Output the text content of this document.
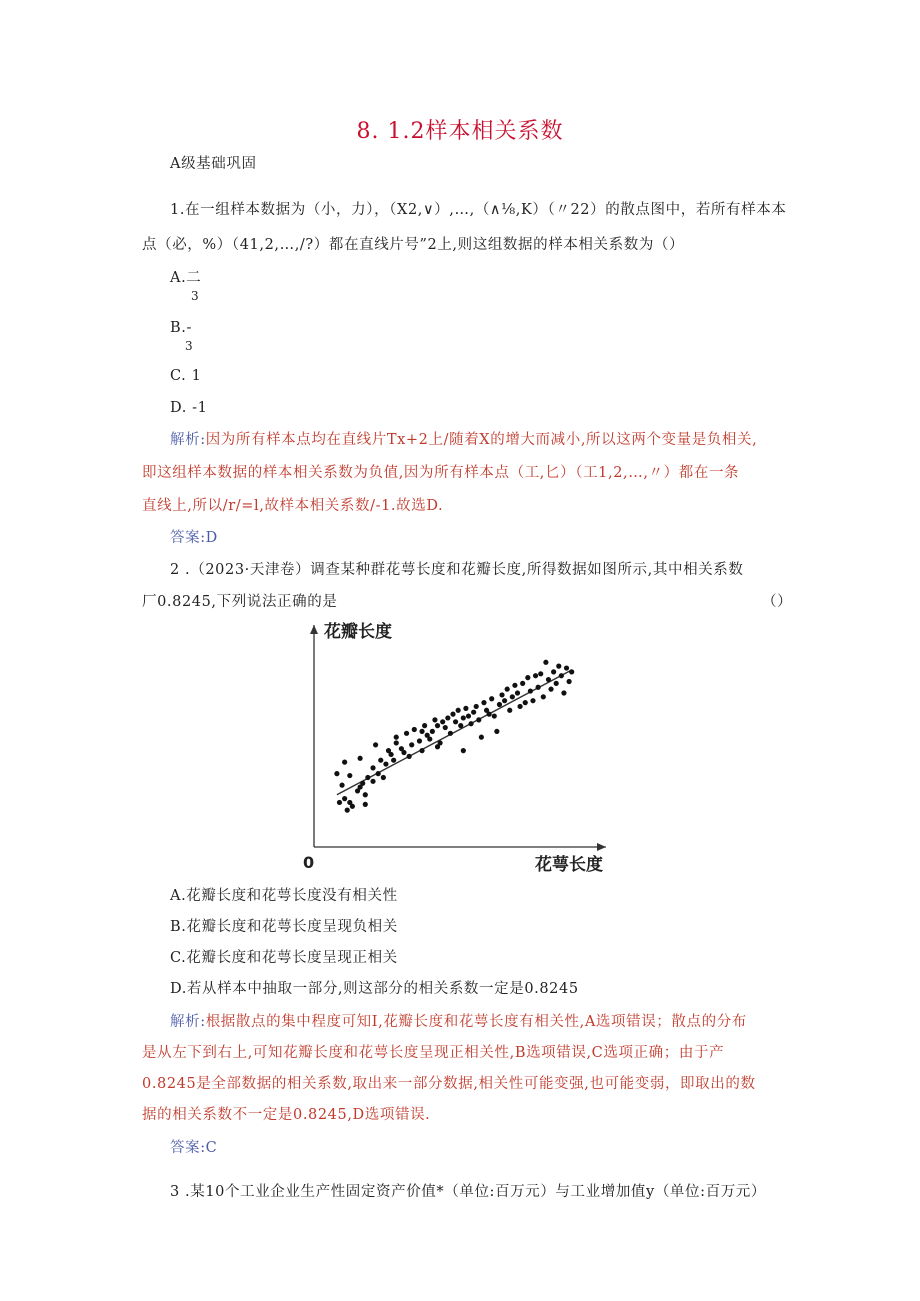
8. 1.2样本相关系数
A级基础巩固
1.在一组样本数据为（小，力），（X2,∨）,…,（∧⅛,K）（〃22）的散点图中，若所有样本本
点（必，%）（41,2,…,/?）都在直线片号”2上,则这组数据的样本相关系数为（）
A.二
3
B.-
3
C. 1
D. -1
解析:因为所有样本点均在直线片Tx+2上/随着X的增大而减小,所以这两个变量是负相关,
即这组样本数据的样本相关系数为负值,因为所有样本点（工,匕）（工1,2,…,〃）都在一条
直线上,所以/r/=l,故样本相关系数/-1.故选D.
答案:D
2 .（2023·天津卷）调查某种群花萼长度和花瓣长度,所得数据如图所示,其中相关系数
厂0.8245,下列说法正确的是	（）
花瓣长度
花萼长度
0
A.花瓣长度和花萼长度没有相关性
B.花瓣长度和花萼长度呈现负相关
C.花瓣长度和花萼长度呈现正相关
D.若从样本中抽取一部分,则这部分的相关系数一定是0.8245
解析:根据散点的集中程度可知I,花瓣长度和花萼长度有相关性,A选项错误；散点的分布
是从左下到右上,可知花瓣长度和花萼长度呈现正相关性,B选项错误,C选项正确；由于产
0.8245是全部数据的相关系数,取出来一部分数据,相关性可能变强,也可能变弱，即取出的数
据的相关系数不一定是0.8245,D选项错误.
答案:C
3 .某10个工业企业生产性固定资产价值*（单位:百万元）与工业增加值y（单位:百万元）
